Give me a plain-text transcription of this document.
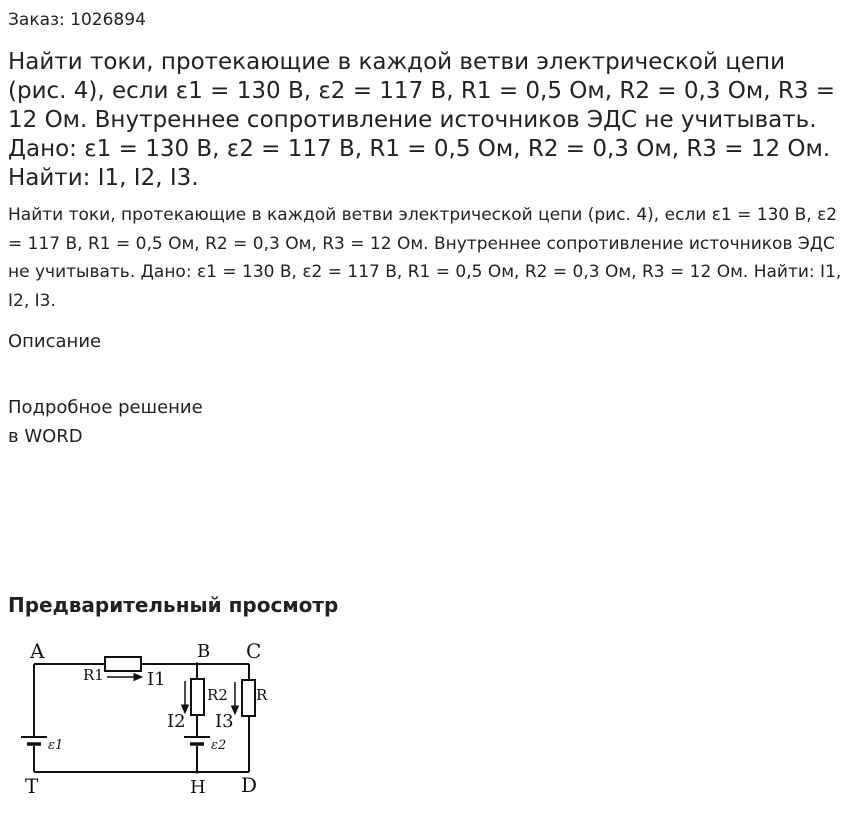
Заказ: 1026894
Найти токи, протекающие в каждой ветви электрической цепи (рис. 4), если ε1 = 130 В, ε2 = 117 В, R1 = 0,5 Ом, R2 = 0,3 Ом, R3 = 12 Ом. Внутреннее сопротивление источников ЭДС не учитывать. Дано: ε1 = 130 В, ε2 = 117 В, R1 = 0,5 Ом, R2 = 0,3 Ом, R3 = 12 Ом. Найти: I1, I2, I3.

Найти токи, протекающие в каждой ветви электрической цепи (рис. 4), если ε1 = 130 В, ε2 = 117 В, R1 = 0,5 Ом, R2 = 0,3 Ом, R3 = 12 Ом. Внутреннее сопротивление источников ЭДС не учитывать. Дано: ε1 = 130 В, ε2 = 117 В, R1 = 0,5 Ом, R2 = 0,3 Ом, R3 = 12 Ом. Найти: I1, I2, I3.

Описание
Подробное решение
в WORD
Предварительный просмотр
A	B C
T	H D
R1 I1
R2
I2 I3
R
ε1	ε2
